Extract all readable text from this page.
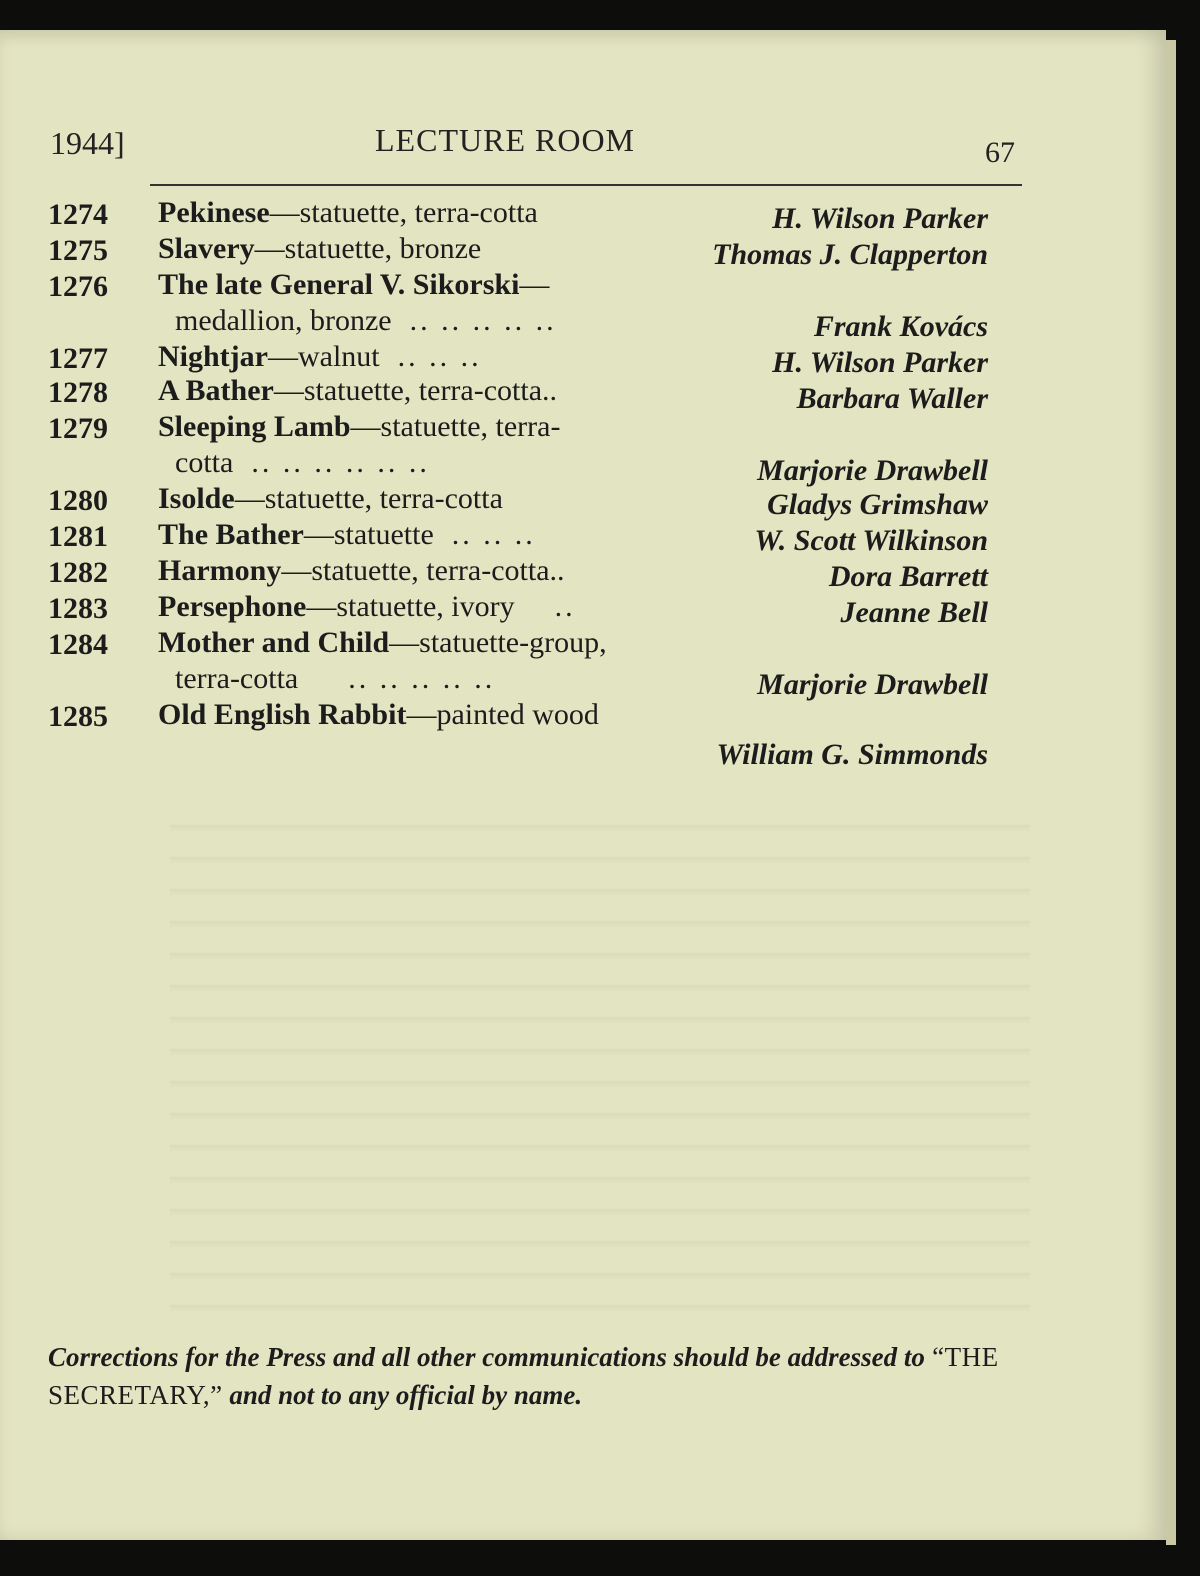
1944]	LECTURE ROOM	67
1274 Pekinese—statuette, terra-cotta	H. Wilson Parker
1275 Slavery—statuette, bronze	Thomas J. Clapperton
1276 The late General V. Sikorski—
medallion, bronze .. .. .. .. ..	Frank Kovács
1277 Nightjar—walnut .. .. ..	H. Wilson Parker
1278 A Bather—statuette, terra-cotta..	Barbara Waller
1279 Sleeping Lamb—statuette, terra-
cotta .. .. .. .. .. ..	Marjorie Drawbell
1280 Isolde—statuette, terra-cotta	Gladys Grimshaw
1281 The Bather—statuette .. .. ..	W. Scott Wilkinson
1282 Harmony—statuette, terra-cotta..	Dora Barrett
1283 Persephone—statuette, ivory ..	Jeanne Bell
1284 Mother and Child—statuette-group,
terra-cotta .. .. .. .. ..	Marjorie Drawbell
1285 Old English Rabbit—painted wood
William G. Simmonds
Corrections for the Press and all other communications should be addressed to “THE SECRETARY,” and not to any official by name.
